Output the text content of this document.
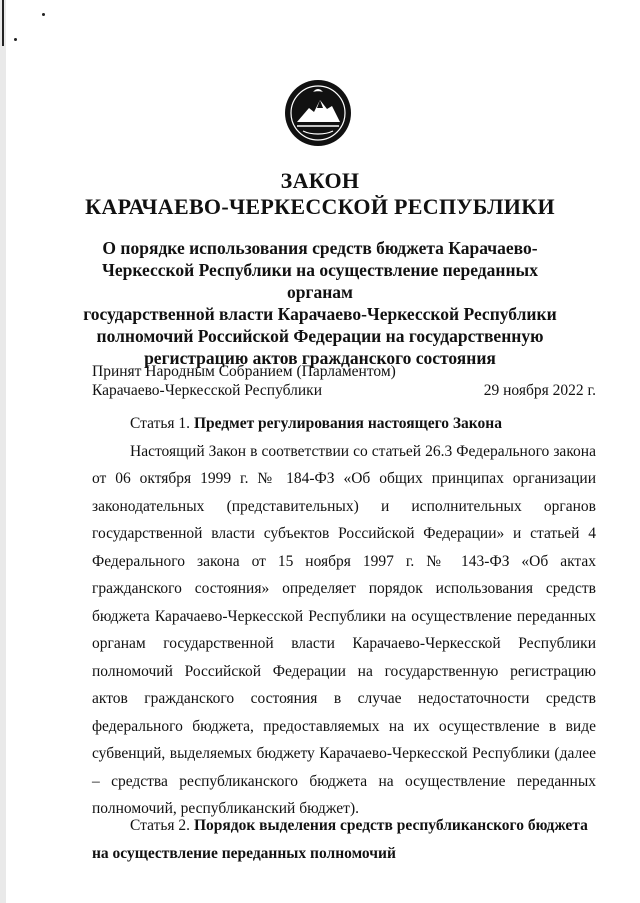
ЗАКОН
КАРАЧАЕВО-ЧЕРКЕССКОЙ РЕСПУБЛИКИ
О порядке использования средств бюджета Карачаево-
Черкесской Республики на осуществление переданных органам
государственной власти Карачаево-Черкесской Республики
полномочий Российской Федерации на государственную
регистрацию актов гражданского состояния
Принят Народным Собранием (Парламентом)
Карачаево-Черкесской Республики	29 ноября 2022 г.
Статья 1. Предмет регулирования настоящего Закона

Настоящий Закон в соответствии со статьей 26.3 Федерального закона от 06 октября 1999 г. № 184-ФЗ «Об общих принципах организации законодательных (представительных) и исполнительных органов государственной власти субъектов Российской Федерации» и статьей 4 Федерального закона от 15 ноября 1997 г. № 143-ФЗ «Об актах гражданского состояния» определяет порядок использования средств бюджета Карачаево-Черкесской Республики на осуществление переданных органам государственной власти Карачаево-Черкесской Республики полномочий Российской Федерации на государственную регистрацию актов гражданского состояния в случае недостаточности средств федерального бюджета, предоставляемых на их осуществление в виде субвенций, выделяемых бюджету Карачаево-Черкесской Республики (далее – средства республиканского бюджета на осуществление переданных полномочий, республиканский бюджет).

Статья 2. Порядок выделения средств республиканского бюджета на осуществление переданных полномочий
